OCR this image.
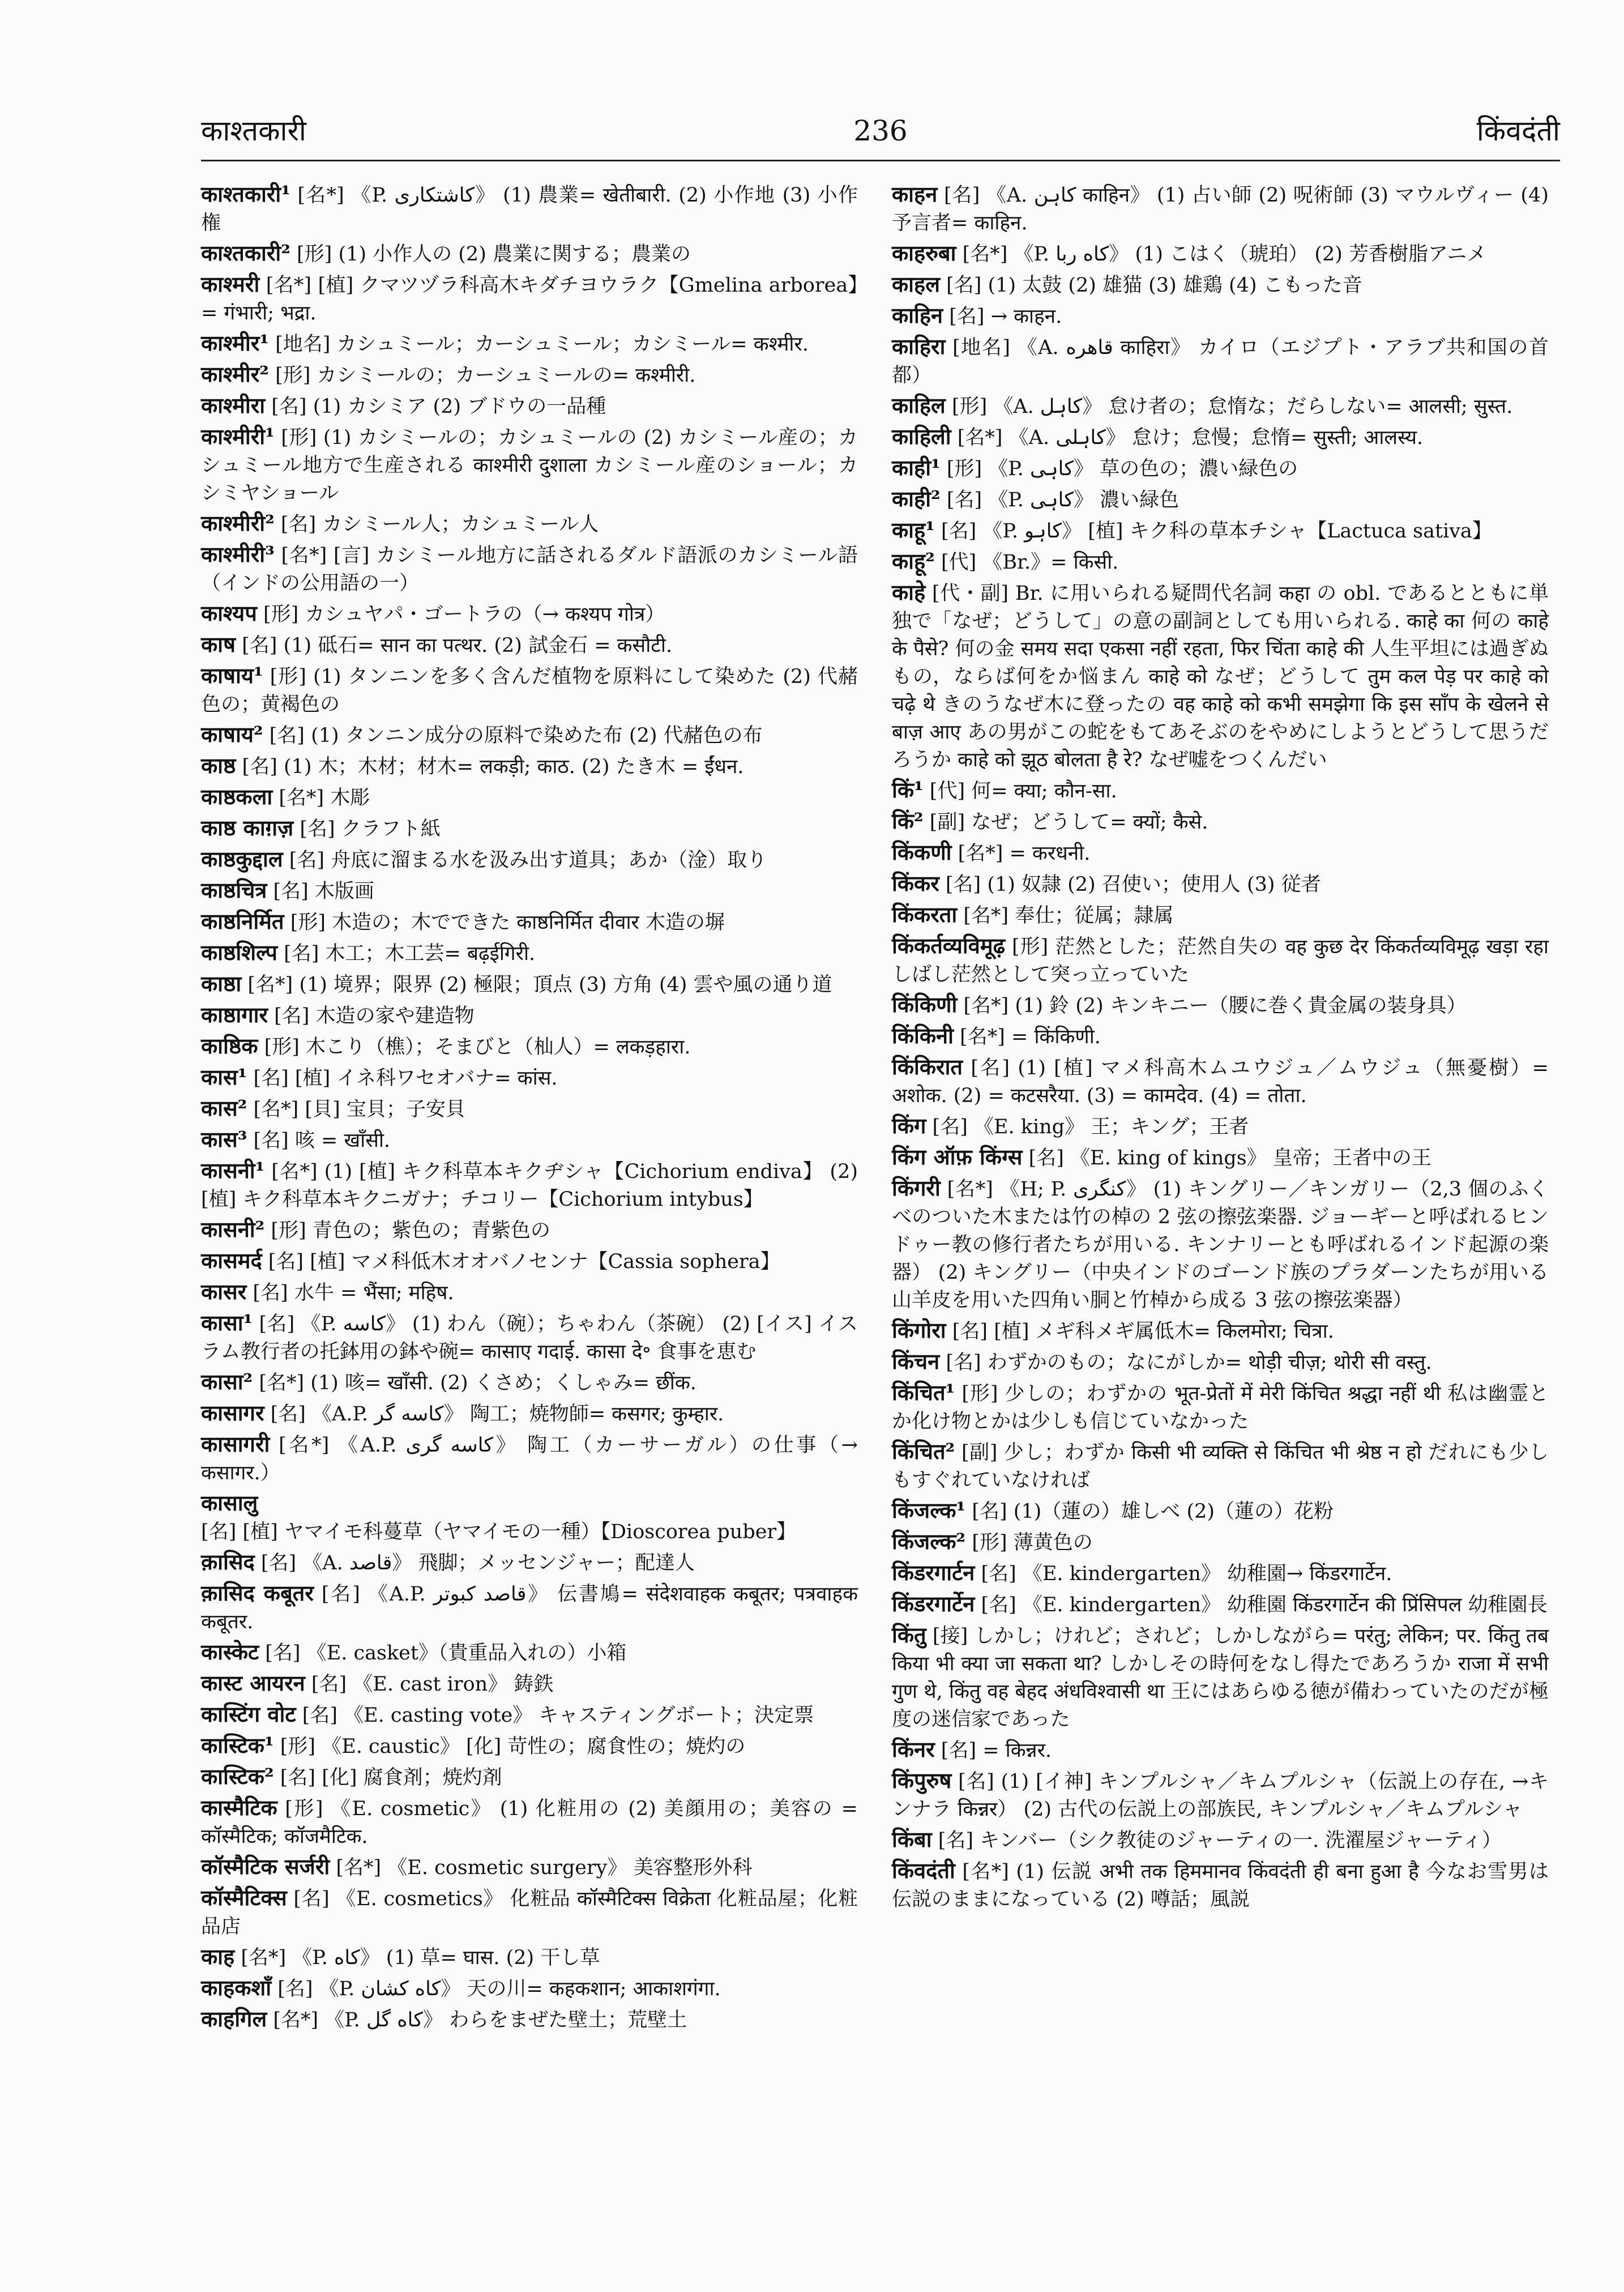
काश्तकारी	236	किंवदंती
काश्तकारी¹ [名*] 《P. کاشتکاری》 (1) 農業= खेतीबारी. (2) 小作地 (3) 小作権
काश्तकारी² [形] (1) 小作人の (2) 農業に関する；農業の
काश्मरी [名*] [植] クマツヅラ科高木キダチヨウラク【Gmelina arborea】= गंभारी; भद्रा.
काश्मीर¹ [地名] カシュミール；カーシュミール；カシミール= कश्मीर.
काश्मीर² [形] カシミールの；カーシュミールの= कश्मीरी.
काश्मीरा [名] (1) カシミア (2) ブドウの一品種
काश्मीरी¹ [形] (1) カシミールの；カシュミールの (2) カシミール産の；カシュミール地方で生産される काश्मीरी दुशाला カシミール産のショール；カシミヤショール
काश्मीरी² [名] カシミール人；カシュミール人
काश्मीरी³ [名*] [言] カシミール地方に話されるダルド語派のカシミール語（インドの公用語の一）
काश्यप [形] カシュヤパ・ゴートラの（→ कश्यप गोत्र）
काष [名] (1) 砥石= सान का पत्थर. (2) 試金石 = कसौटी.
काषाय¹ [形] (1) タンニンを多く含んだ植物を原料にして染めた (2) 代赭色の；黄褐色の
काषाय² [名] (1) タンニン成分の原料で染めた布 (2) 代赭色の布
काष्ठ [名] (1) 木；木材；材木= लकड़ी; काठ. (2) たき木 = ईंधन.
काष्ठकला [名*] 木彫
काष्ठ काग़ज़ [名] クラフト紙
काष्ठकुद्दाल [名] 舟底に溜まる水を汲み出す道具；あか（淦）取り
काष्ठचित्र [名] 木版画
काष्ठनिर्मित [形] 木造の；木でできた काष्ठनिर्मित दीवार 木造の塀
काष्ठशिल्प [名] 木工；木工芸= बढ़ईगिरी.
काष्ठा [名*] (1) 境界；限界 (2) 極限；頂点 (3) 方角 (4) 雲や風の通り道
काष्ठागार [名] 木造の家や建造物
काष्ठिक [形] 木こり（樵）；そまびと（杣人）= लकड़हारा.
कास¹ [名] [植] イネ科ワセオバナ= कांस.
कास² [名*] [貝] 宝貝；子安貝
कास³ [名] 咳 = खाँसी.
कासनी¹ [名*] (1) [植] キク科草本キクヂシャ【Cichorium endiva】 (2) [植] キク科草本キクニガナ；チコリー【Cichorium intybus】
कासनी² [形] 青色の；紫色の；青紫色の
कासमर्द [名] [植] マメ科低木オオバノセンナ【Cassia sophera】
कासर [名] 水牛 = भैंसा; महिष.
कासा¹ [名] 《P. کاسه》 (1) わん（碗）；ちゃわん（茶碗） (2) [イス] イスラム教行者の托鉢用の鉢や碗= कासाए गदाई. कासा दे॰ 食事を恵む
कासा² [名*] (1) 咳= खाँसी. (2) くさめ；くしゃみ= छींक.
कासागर [名] 《A.P. کاسه گر》 陶工；焼物師= कसगर; कुम्हार.
कासागरी [名*] 《A.P. کاسه گری》 陶工（カーサーガル）の仕事（→ कसागर.）
कासालु [名] [植] ヤマイモ科蔓草（ヤマイモの一種）【Dioscorea puber】
क़ासिद [名] 《A. قاصد》 飛脚；メッセンジャー；配達人
क़ासिद कबूतर [名] 《A.P. قاصد کبوتر》 伝書鳩= संदेशवाहक कबूतर; पत्रवाहक कबूतर.
कास्केट [名] 《E. casket》（貴重品入れの）小箱
कास्ट आयरन [名] 《E. cast iron》 鋳鉄
कास्टिंग वोट [名] 《E. casting vote》 キャスティングボート；決定票
कास्टिक¹ [形] 《E. caustic》 [化] 苛性の；腐食性の；焼灼の
कास्टिक² [名] [化] 腐食剤；焼灼剤
कास्मैटिक [形] 《E. cosmetic》 (1) 化粧用の (2) 美顔用の；美容の = कॉस्मैटिक; कॉजमैटिक.
कॉस्मैटिक सर्जरी [名*] 《E. cosmetic surgery》 美容整形外科
कॉस्मैटिक्स [名] 《E. cosmetics》 化粧品 कॉस्मैटिक्स विक्रेता 化粧品屋；化粧品店
काह [名*] 《P. کاه》 (1) 草= घास. (2) 干し草
काहकशाँ [名] 《P. کاه کشان》 天の川= कहकशान; आकाशगंगा.
काहगिल [名*] 《P. کاه گل》 わらをまぜた壁土；荒壁土
काहन [名] 《A. کاہن काहिन》 (1) 占い師 (2) 呪術師 (3) マウルヴィー (4) 予言者= काहिन.
काहरुबा [名*] 《P. کاه ربا》 (1) こはく（琥珀） (2) 芳香樹脂アニメ
काहल [名] (1) 太鼓 (2) 雄猫 (3) 雄鶏 (4) こもった音
काहिन [名] → काहन.
काहिरा [地名] 《A. قاهره काहिरा》 カイロ（エジプト・アラブ共和国の首都）
काहिल [形] 《A. کاہل》 怠け者の；怠惰な；だらしない= आलसी; सुस्त.
काहिली [名*] 《A. کاہلی》 怠け；怠慢；怠惰= सुस्ती; आलस्य.
काही¹ [形] 《P. کاہی》 草の色の；濃い緑色の
काही² [名] 《P. کاہی》 濃い緑色
काहू¹ [名] 《P. کاہو》 [植] キク科の草本チシャ【Lactuca sativa】
काहू² [代] 《Br.》= किसी.
काहे [代・副] Br. に用いられる疑問代名詞 कहा の obl. であるとともに単独で「なぜ；どうして」の意の副詞としても用いられる. काहे का 何の काहे के पैसे? 何の金 समय सदा एकसा नहीं रहता, फिर चिंता काहे की 人生平坦には過ぎぬもの，ならば何をか悩まん काहे को なぜ；どうして तुम कल पेड़ पर काहे को चढ़े थे きのうなぜ木に登ったの वह काहे को कभी समझेगा कि इस साँप के खेलने से बाज़ आए あの男がこの蛇をもてあそぶのをやめにしようとどうして思うだろうか काहे को झूठ बोलता है रे? なぜ嘘をつくんだい
किं¹ [代] 何= क्या; कौन-सा.
किं² [副] なぜ；どうして= क्यों; कैसे.
किंकणी [名*] = करधनी.
किंकर [名] (1) 奴隷 (2) 召使い；使用人 (3) 従者
किंकरता [名*] 奉仕；従属；隷属
किंकर्तव्यविमूढ़ [形] 茫然とした；茫然自失の वह कुछ देर किंकर्तव्यविमूढ़ खड़ा रहा しばし茫然として突っ立っていた
किंकिणी [名*] (1) 鈴 (2) キンキニー（腰に巻く貴金属の装身具）
किंकिनी [名*] = किंकिणी.
किंकिरात [名] (1) [植] マメ科高木ムユウジュ／ムウジュ（無憂樹）= अशोक. (2) = कटसरैया. (3) = कामदेव. (4) = तोता.
किंग [名] 《E. king》 王；キング；王者
किंग ऑफ़ किंग्स [名] 《E. king of kings》 皇帝；王者中の王
किंगरी [名*] 《H; P. کنگری》 (1) キングリー／キンガリー（2,3 個のふくべのついた木または竹の棹の 2 弦の擦弦楽器. ジョーギーと呼ばれるヒンドゥー教の修行者たちが用いる. キンナリーとも呼ばれるインド起源の楽器） (2) キングリー（中央インドのゴーンド族のプラダーンたちが用いる山羊皮を用いた四角い胴と竹棹から成る 3 弦の擦弦楽器）
किंगोरा [名] [植] メギ科メギ属低木= किलमोरा; चित्रा.
किंचन [名] わずかのもの；なにがしか= थोड़ी चीज़; थोरी सी वस्तु.
किंचित¹ [形] 少しの；わずかの भूत-प्रेतों में मेरी किंचित श्रद्धा नहीं थी 私は幽霊とか化け物とかは少しも信じていなかった
किंचित² [副] 少し；わずか किसी भी व्यक्ति से किंचित भी श्रेष्ठ न हो だれにも少しもすぐれていなければ
किंजल्क¹ [名] (1)（蓮の）雄しべ (2)（蓮の）花粉
किंजल्क² [形] 薄黄色の
किंडरगार्टन [名] 《E. kindergarten》 幼稚園→ किंडरगार्टेन.
किंडरगार्टेन [名] 《E. kindergarten》 幼稚園 किंडरगार्टेन की प्रिंसिपल 幼稚園長
किंतु [接] しかし；けれど；されど；しかしながら= परंतु; लेकिन; पर. किंतु तब किया भी क्या जा सकता था? しかしその時何をなし得たであろうか राजा में सभी गुण थे, किंतु वह बेहद अंधविश्वासी था 王にはあらゆる徳が備わっていたのだが極度の迷信家であった
किंनर [名] = किन्नर.
किंपुरुष [名] (1) [イ神] キンプルシャ／キムプルシャ（伝説上の存在, →キンナラ किन्नर） (2) 古代の伝説上の部族民, キンプルシャ／キムプルシャ
किंबा [名] キンバー（シク教徒のジャーティの一. 洗濯屋ジャーティ）
किंवदंती [名*] (1) 伝説 अभी तक हिममानव किंवदंती ही बना हुआ है 今なお雪男は伝説のままになっている (2) 噂話；風説
